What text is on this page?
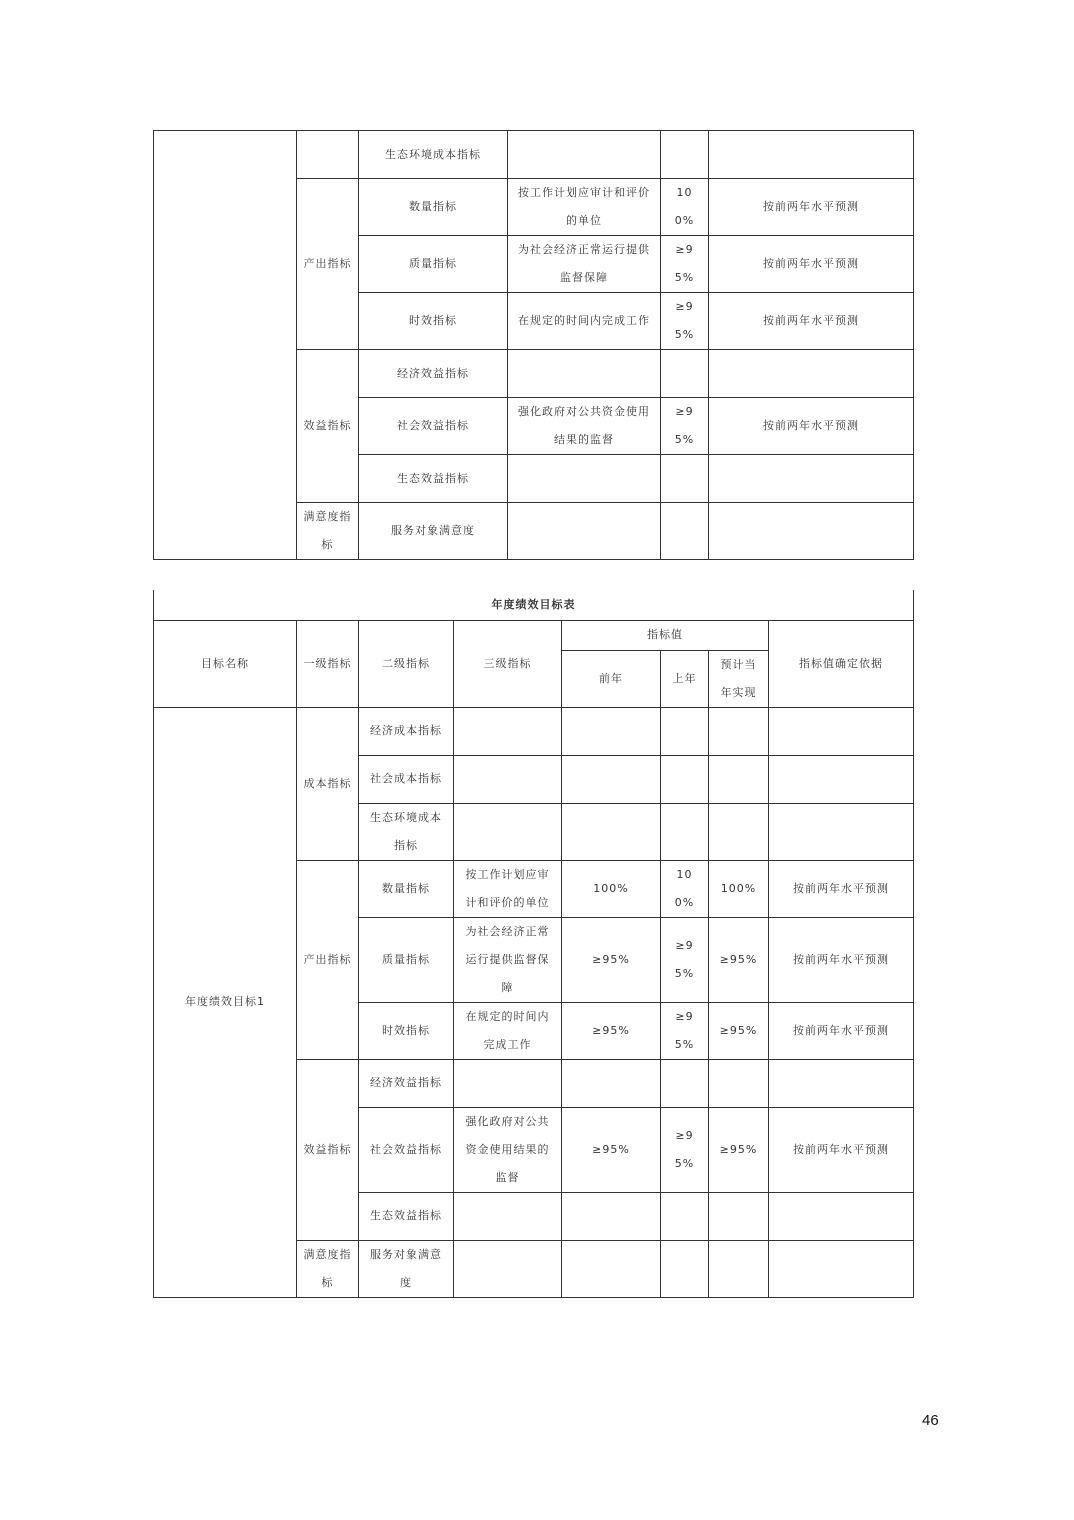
		生态环境成本指标			
	产出指标	数量指标	按工作计划应审计和评价的单位	100%	按前两年水平预测
		质量指标	为社会经济正常运行提供监督保障	≥95%	按前两年水平预测
		时效指标	在规定的时间内完成工作	≥95%	按前两年水平预测
	效益指标	经济效益指标			
		社会效益指标	强化政府对公共资金使用结果的监督	≥95%	按前两年水平预测
		生态效益指标			
	满意度指标	服务对象满意度			
年度绩效目标表							
目标名称	一级指标	二级指标	三级指标	指标值			指标值确定依据
				前年	上年	预计当年实现	
年度绩效目标1	成本指标	经济成本指标					
		社会成本指标					
		生态环境成本指标					
	产出指标	数量指标	按工作计划应审计和评价的单位	100%	100%	100%	按前两年水平预测
		质量指标	为社会经济正常运行提供监督保障	≥95%	≥95%	≥95%	按前两年水平预测
		时效指标	在规定的时间内完成工作	≥95%	≥95%	≥95%	按前两年水平预测
	效益指标	经济效益指标					
		社会效益指标	强化政府对公共资金使用结果的监督	≥95%	≥95%	≥95%	按前两年水平预测
		生态效益指标					
	满意度指标	服务对象满意度					
46
